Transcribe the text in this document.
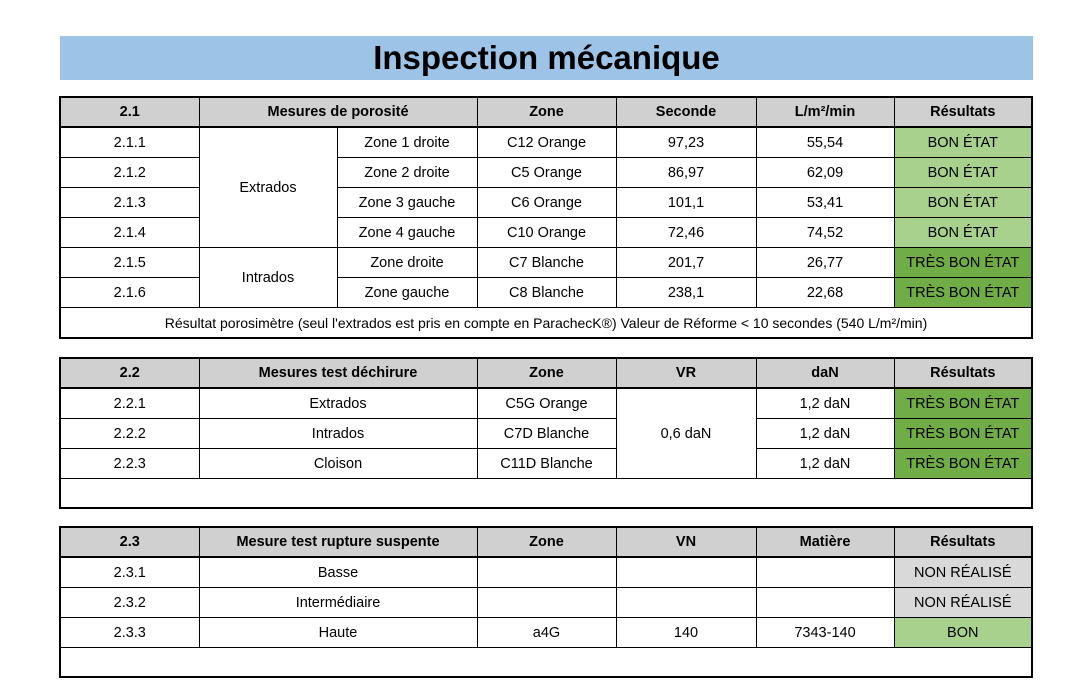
Inspection mécanique
2.1	Mesures de porosité		Zone	Seconde	L/m²/min	Résultats
2.1.1	Extrados	Zone 1 droite	C12 Orange	97,23	55,54	BON ÉTAT
2.1.2		Zone 2 droite	C5 Orange	86,97	62,09	BON ÉTAT
2.1.3		Zone 3 gauche	C6 Orange	101,1	53,41	BON ÉTAT
2.1.4		Zone 4 gauche	C10 Orange	72,46	74,52	BON ÉTAT
2.1.5	Intrados	Zone droite	C7 Blanche	201,7	26,77	TRÈS BON ÉTAT
2.1.6		Zone gauche	C8 Blanche	238,1	22,68	TRÈS BON ÉTAT
Résultat porosimètre (seul l'extrados est pris en compte en ParachecK®) Valeur de Réforme < 10 secondes (540 L/m²/min)						
2.2	Mesures test déchirure	Zone	VR	daN	Résultats
2.2.1	Extrados	C5G Orange	0,6 daN	1,2 daN	TRÈS BON ÉTAT
2.2.2	Intrados	C7D Blanche		1,2 daN	TRÈS BON ÉTAT
2.2.3	Cloison	C11D Blanche		1,2 daN	TRÈS BON ÉTAT

2.3	Mesure test rupture suspente	Zone	VN	Matière	Résultats
2.3.1	Basse				NON RÉALISÉ
2.3.2	Intermédiaire				NON RÉALISÉ
2.3.3	Haute	a4G	140	7343-140	BON
